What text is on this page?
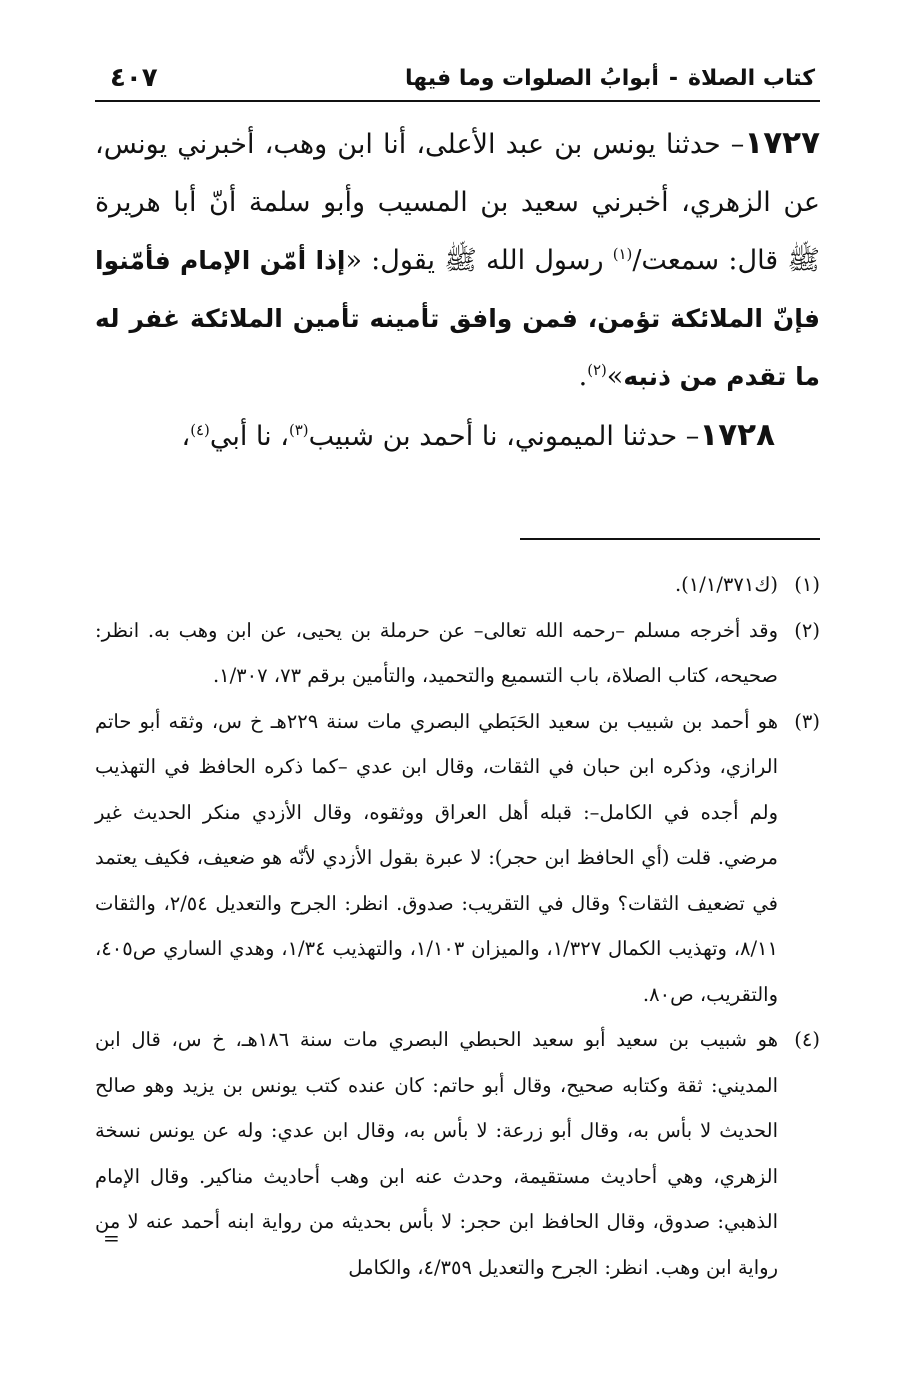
كتاب الصلاة-أبوابُ الصلوات وما فيها
٤٠٧

١٧٢٧– حدثنا يونس بن عبد الأعلى، أنا ابن وهب، أخبرني يونس، عن الزهري، أخبرني سعيد بن المسيب وأبو سلمة أنّ أبا هريرة ﷺ قال: سمعت/$^{(١)}$ رسول الله ﷺ يقول: «إذا أمّن الإمام فأمّنوا فإنّ الملائكة تؤمن، فمن وافق تأمينه تأمين الملائكة غفر له ما تقدم من ذنبه»$^{(٢)}$.

١٧٢٨– حدثنا الميموني، نا أحمد بن شبيب$^{(٣)}$، نا أبي$^{(٤)}$،

(١)
(ك١/١/٣٧١).
(٢)
وقد أخرجه مسلم –رحمه الله تعالى– عن حرملة بن يحيى، عن ابن وهب به. انظر: صحيحه، كتاب الصلاة، باب التسميع والتحميد، والتأمين برقم ٧٣، ١/٣٠٧.
(٣)
هو أحمد بن شبيب بن سعيد الحَبَطي البصري مات سنة ٢٢٩هـ خ س، وثقه أبو حاتم الرازي، وذكره ابن حبان في الثقات، وقال ابن عدي –كما ذكره الحافظ في التهذيب ولم أجده في الكامل–: قبله أهل العراق ووثقوه، وقال الأزدي منكر الحديث غير مرضي. قلت (أي الحافظ ابن حجر): لا عبرة بقول الأزدي لأنّه هو ضعيف، فكيف يعتمد في تضعيف الثقات؟ وقال في التقريب: صدوق. انظر: الجرح والتعديل ٢/٥٤، والثقات ٨/١١، وتهذيب الكمال ١/٣٢٧، والميزان ١/١٠٣، والتهذيب ١/٣٤، وهدي الساري ص٤٠٥، والتقريب، ص٨٠.
(٤)
هو شبيب بن سعيد أبو سعيد الحبطي البصري مات سنة ١٨٦هـ، خ س، قال ابن المديني: ثقة وكتابه صحيح، وقال أبو حاتم: كان عنده كتب يونس بن يزيد وهو صالح الحديث لا بأس به، وقال أبو زرعة: لا بأس به، وقال ابن عدي: وله عن يونس نسخة الزهري، وهي أحاديث مستقيمة، وحدث عنه ابن وهب أحاديث مناكير. وقال الإمام الذهبي: صدوق، وقال الحافظ ابن حجر: لا بأس بحديثه من رواية ابنه أحمد عنه لا من رواية ابن وهب. انظر: الجرح والتعديل ٤/٣٥٩، والكامل
=
